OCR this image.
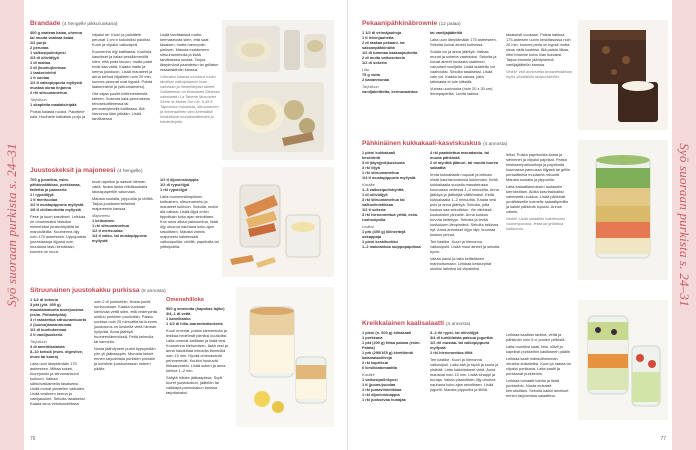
Syö suoraan purkista s. 24–31
Brandade (4 hengelle pikkuruokana)

400 g vaaleaa kalaa, ohenna tai muuta vaaleaa kalaa

1/2 purjo

2 perunaa

1 valkosipulinkynsi

2/3 dl oliiviöljyä

1 dl maitoa

2 dl (kuohu)kermaa

1 laakerinlehti

1 tl suolaa

1/2 tl valkopippuria myllystä

mustaa okraa linjanna

2 rkl sitruunamehua

Tarjoiluun

1 skapletta maalaisleipää

Poista kalasta ruodot. Paloittele kala. Huuhtele halkaistu purjo ja

viipaloi se. Kuori ja paloittele perunat 1 cm:n kokoisiksi paloiksi. Kuori ja viipaloi valkosipuli.

Kuumenna öljy kattilassa. Kuullota kasvikset ja kalaa keskilämmöllä silen, että pinta kiuvuu, mutta palat eivät saa väriä. Kaada maito ja kerma joukkoon. Lisää mausteet ja anna kiehua hiljalleen noin 20 min, kunnes perunat ovat kypsiä. Poista laakerinlehti ja (sitruunamehu).

Ota vajaa puolet keitinnesteestä talteen. Soseuta kala-perunaseos tehosekoittimessa tai perunamylmellä kattilassa. Älä hienonna liian pitkään. Lisää tarvittaessa

Lisää tarvittaessa maito-kermaseosta silen, että saat tasaisen, mutta mennyvän pieksen. Mausta mahtuneen sitruunamehulla ja lisää tarvittaessa suolaa. Tarjoa lämpimänä paahdetun tai grillatun maalaisleivän kanssa.

Vähvaksi kalasta mustava ruoko tärvitset valkoipeperin osan vaikeaan ja hiedeöleipän aikeet. Saitaleenan on Brandaan Siinessa valmistettu La Tanerie Muscadet Sèvre et Maine Sur Lie, 8,49 €. Tapiosista mustoista, sitruunamen ja mineraalinen vino kirientättä lohduttavat munakasittenoita ja hiedeöleipän.

Juustoskeksit ja majoneesi (4 hengelle)

700 g juomikia, esim. pähkinakäkkao, porkkanaa, fatiettia ja paraseria

1 l rypsiöljyä

1 tl merisuolaa

1/2 tl mustapippuria myllystä

1/8 tl chilimurketta myllystä

Pese ja kuori kasvikset. Leikkaa ne ohuimmaksi lastuiksi esimerkiksi juustohöylällä tai mandoliinilla. Kuumenna öljy noin 170 asteeseen. Uppopaista juurestastuja öljyssä noin muutama lastu kerrallaan, kunnes ne muut-

tuvat rapeiksi ja saavat hieman väriä. Nosta lastut reikäkauhalla talouspaperille valumaan.

Mausta suolalla, pippurilla ja chilillä. Tarjoa juustomerreikeksit majoneesin kanssa.

Majoneesi

1 keltuainen

1 rkl sitruunamehua

1/2 tl merisuolaa

1/4 tl valko- tai mustapippuria myllystä

1/2 tl dijoninsinappia

1/2 dl rypsiöljyä

1 rkl rypsiöljyä

Laita huoneenlämpöisen keltuainen, sitruunamehu ja mausteet kulhoon. Sekoita, mutta älä vatkaa. Lisää öljyä ensin tippoittain koko ajan sekoittaen. Kun seos alkaa paksuuntua, lisää öljy ohuena nauhana koko ajan sekoittaen. Mausta valmis majoneesi halutessasi valkosipulilla, chilillä, paprikalla tai yrttisipulilla.

Sitruunainen juustokakku purkissa (8 annosta)

1 1/2 dl sokeria

3 pkt (yht. 400 g) maustamatonta tuorejuustoa (esim. Philadelphia)

3 rl raastettua sitruunankuorta

2 (luomu)kananmunaa

1/2 dl kuohukermaa

2 tl vaniljasokeria

Tarjoiluun

3 dl amerikkalaista

8–10 keksiä (esim. digestive, muro tai kaura)

Laita uuni lämpiämään 175 asteeseen. Mittaa sokeri, tuorejuusto ja sitruunankuori kulhoon. Vatkaa sähkövatkaimella tasaiseksi. Lisää munat yksitellen vatkaten. Lisää vesikeen kerma ja vaniljasokeri. Sekoita tasaiseksi. Kaada seos vetoisuudeltaan

noin 2 dl purkkeihin. Nosta purkit uunivuokaan. Kaada vuokaan kiehuvaa vettä silen, että vedenpinta ulottuu purkkien puoliväliin. Paista uunissa noin 25 minuuttia tai kunnes juustoseos on keskeltä vielä hieman hyllyvää. Anna jäähtyä huoneenlämmössä. Peitä kelmulla tai kannella.

Nosta jäähdyneet purkit kypsymään yön yli jääkaappiin. Murusta keksit ennen tarjoamista purkkien pinnalle ja koristele juustomassan rinteen päälle.

Omenahilloke

500 g omenoita (hapokas lajike)

3/4–1 dl vettä

1 kanelitanko

1 1/2 dl hillo-marmeladisokeria

Kuori omenat, poista siemenkota ja leikkaa hedelmät pieniksi kuutioiksi. Laita omenat kattilaan ja lisää vesi. Kuumenna kiehumisen, lisää vesi ja anna hauduttaa miedolla lämmöllä noin 15 min. Hyvää omenavenät pehmenevät. Kuutiot huutuvät rikkaanmaksi. Lisää sokeri ja anna kiehua 1–2 min.

Säilytä hilloke jääkaapissa. Sopii tuoret juustokakun, jäätelön tai vaikkapa pannukakun kanssa tarjottavaksi.

76
Syö suoraan purkista s. 24–31
Pekaanipähkinäbrownie (12 palaa)

1 1/2 dl vehnäjauhoja

1 tl leivinjauhetta

2 dl raakaa pekaani- tai saksanpähkinöitä

1/2 dl tummaa kaakaojauhetta

2 dl muita valkosokeria

1/2 dl sokeria

Liitu

75 g voita

2 kananmunaa

Tarjoiluun

vaniljaketttetta, kermavaahtoa

tai vaniljajäätelöä

Laita uuni lämpiämään 175 asteeseen. Sekoita kuivat aineet kulhossa.

Sulata voi ja anna jäähtyä. Vatkaa munat ja sokeria vaahdoksi. Sekoita ja kuivat aineet huolasta vaahtoon varovasti nuolijalla. Lisää sulatettu voi vaahdoksi. Sekoita tasaiseksi. Lisää vain voi. Kaada tai vaivaa, jotta taikinasta ei tule sitkeää.

Vuoraa uunivuoka (noin 20 x 30 cm) leivinpaperilla. Levitä taikina

tasaisesti vuokaan. Paista kakkua 175-asteisen uunin keskitasossa noin 20 min, kunnes pinta on kypsä mutta sisus vielä kosteaa. Älä paista liikaa, ettei brownie kuivu liian kuivaksi. Tarjoa brownie jäähtyneenä vaniljajäätelön kanssa.

Vinkki! Voit annostella brownietaikinan myös yksittäisiin lasipurkkeihin.

Pähkinäinen kukkakaali-kasviskuskus (4 annosta)

1 pieni kukkakaali

keskiöntä

3 dl (täysjyvä)kuskusta

3 rkl öljyä

1 rkl sitruunamehua

1/4 tl mustapippuria myllystä

Kastike

1–3 valkosipulinkynttä

1 dl oliiviöljyä

3 rkl sitruunamehua tai valkoviinietikkaa

1/2 tl sokeria

3 rkl hienonnettua yrttiä, esim. ruohosipulia

Lisäksi

1 prk (400 g) kikherttejä

sokappaja

1 pieni keskikurkku

1–2 makeahkoa suippopaprikaa

4 rkl paahdettua macadamia- tai muuta pähkinää

2 dl mynttiä jäänuri- tai muuta tuorea salaattia

Irrota kukkakaalin nupulat ja leikkaa niistä kaunismuotoisia kukinnoita. Keitä kukkakaalia suolalla maustetussa kuumassa vedessä 1–2 minuuttia. Anna jäähtyä ja jäähdytä välittömästi. Keitä kukkakaalia 1–2 minuuttia. Kaada vesi pois ja anna jäähtyä. Sekoita, jotta kuskus saa sekoitetun. Vie väreissä kuskuksien pinnalle. Anna kuskus turvota keitetyyn. Sekoita ja levitä kuskuksen lämpimänä. Sekoita taikinaa nyt. Anna annokset öljyn läpi, kuuntaa kuskus pinnat.

Tee kastike. Kuori ja hienonna valkosipulit. Lisää muut aineet ja sekoita hyvin.

Valuta pavut ja laita keitteliseen marinoitumaan. Leikkaa keskurpitat okuiksi larteiksi tai viipaleiksi.

leiksi. Poista paprikoista kanta ja siemenet ja viipaloi paprikat. Paista keskiseerpatlumikoja ja paprikoita kuumassa pannussa öljyssä tai grillin periaatteella muutama minuutti. Mausta suolalla ja pippurilla.

Laita salaattiannoksen lautaselle kerroksittain. Aloita kasvirakkaiksi valmistettu kuskus. Lisää pähkinät puolittaiseille kolmelle salaattipedille ja kaikki pähkinät lopuksi. Annos valmis.

Vinkki! Lisää salaattiin halutessasi vuohenjuustoa, fetaa tai grillattua halloumia.

Kreikkalainen kaalisalaatti (4 annosta)

1 pieni (n. 600 g) kiinakaali

1 porkkana

1 pkt (200 g) fetaa palana (esim. Palma)

1 prk (290/165 g) kivettömiä kalamataoliiveja

2 rkl kapriksia

6 kirsikkatomaattia

Kastike

1 valkosipulinkynsi

1 tl (juomu)suolaa

1 rkl punaviinietikkaa

1 rkl dijoninsinappia

1 rkl juoksevaa hunajaa

3–4 rkl rypsi- tai oliiviöljyä

3/4 dl turkkilaista paksua jogurttia

1/2 rkl mustaa- tai valkopippuria myllystä

2 rkl hienonnettua tilliä

Tee kastike. Kuori ja hienonna valkosipuli. Laita sitä ja sipuli ja suola ja yhdistä. Laita kaikkiiaineet vielä. Anna maustua noin 15 min. Lisää sinappi ja hunaja. Valuta pisaroittain öljy ohuena nauhana koko ajan sekoittaen. Lisää jogurtti. Mausta pippurilla ja tillillä.

Leikkaa kaalista rankka, vettä ja pähkinän noin 5 cl puolen pelkistä.

Laita mureiksi kaali, feta, oliivit ja kapriksit purkkeihin kastikkeen päälle.

Leikkaa kaali mahdollisimman ohueksi suikaleiksi. Kuori ja raasta tai viipaloi porkkana. Laita kaalit ja porkkanat purkkeihin.

Leikkaa tomaatit kahtia ja lisää purkkeihin. Nosta mukaisit kerroksittain. Sekoita kaikki ainekset ennen tarjoamista salaattina.

77
